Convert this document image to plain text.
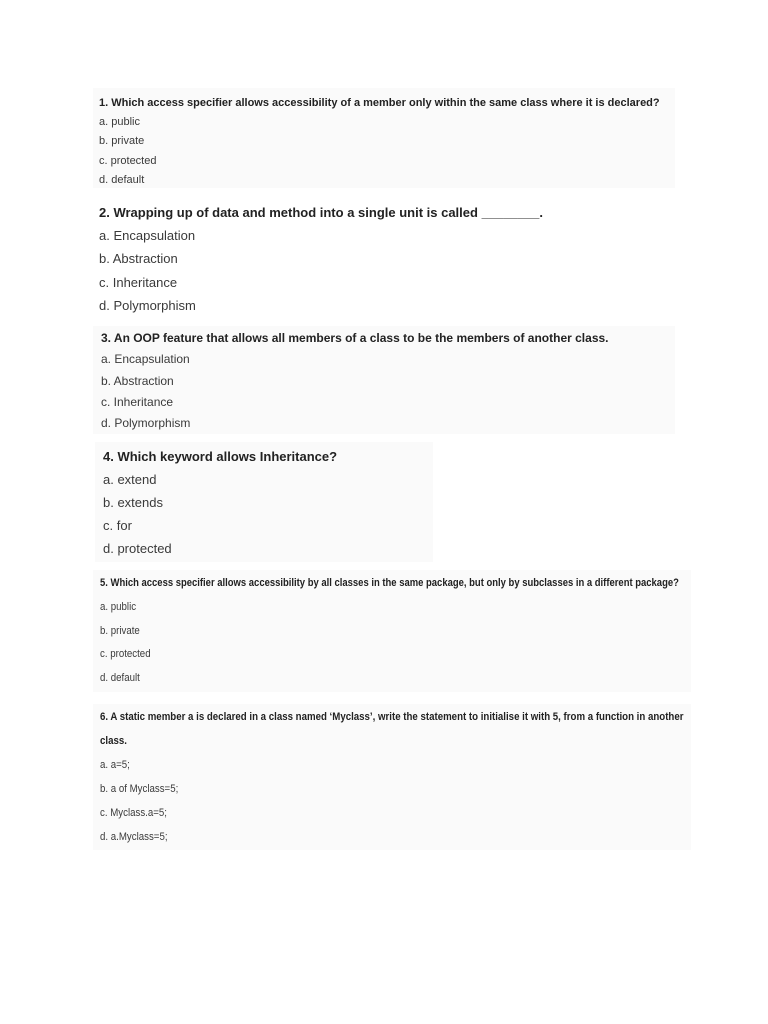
1. Which access specifier allows accessibility of a member only within the same class where it is declared?

a. public

b. private

c. protected

d. default

2. Wrapping up of data and method into a single unit is called ________.

a. Encapsulation

b. Abstraction

c. Inheritance

d. Polymorphism

3. An OOP feature that allows all members of a class to be the members of another class.

a. Encapsulation

b. Abstraction

c. Inheritance

d. Polymorphism

4. Which keyword allows Inheritance?

a. extend

b. extends

c. for

d. protected

5. Which access specifier allows accessibility by all classes in the same package, but only by subclasses in a different package?

a. public

b. private

c. protected

d. default

6. A static member a is declared in a class named ‘Myclass’, write the statement to initialise it with 5, from a function in another

class.

a. a=5;

b. a of Myclass=5;

c. Myclass.a=5;

d. a.Myclass=5;
